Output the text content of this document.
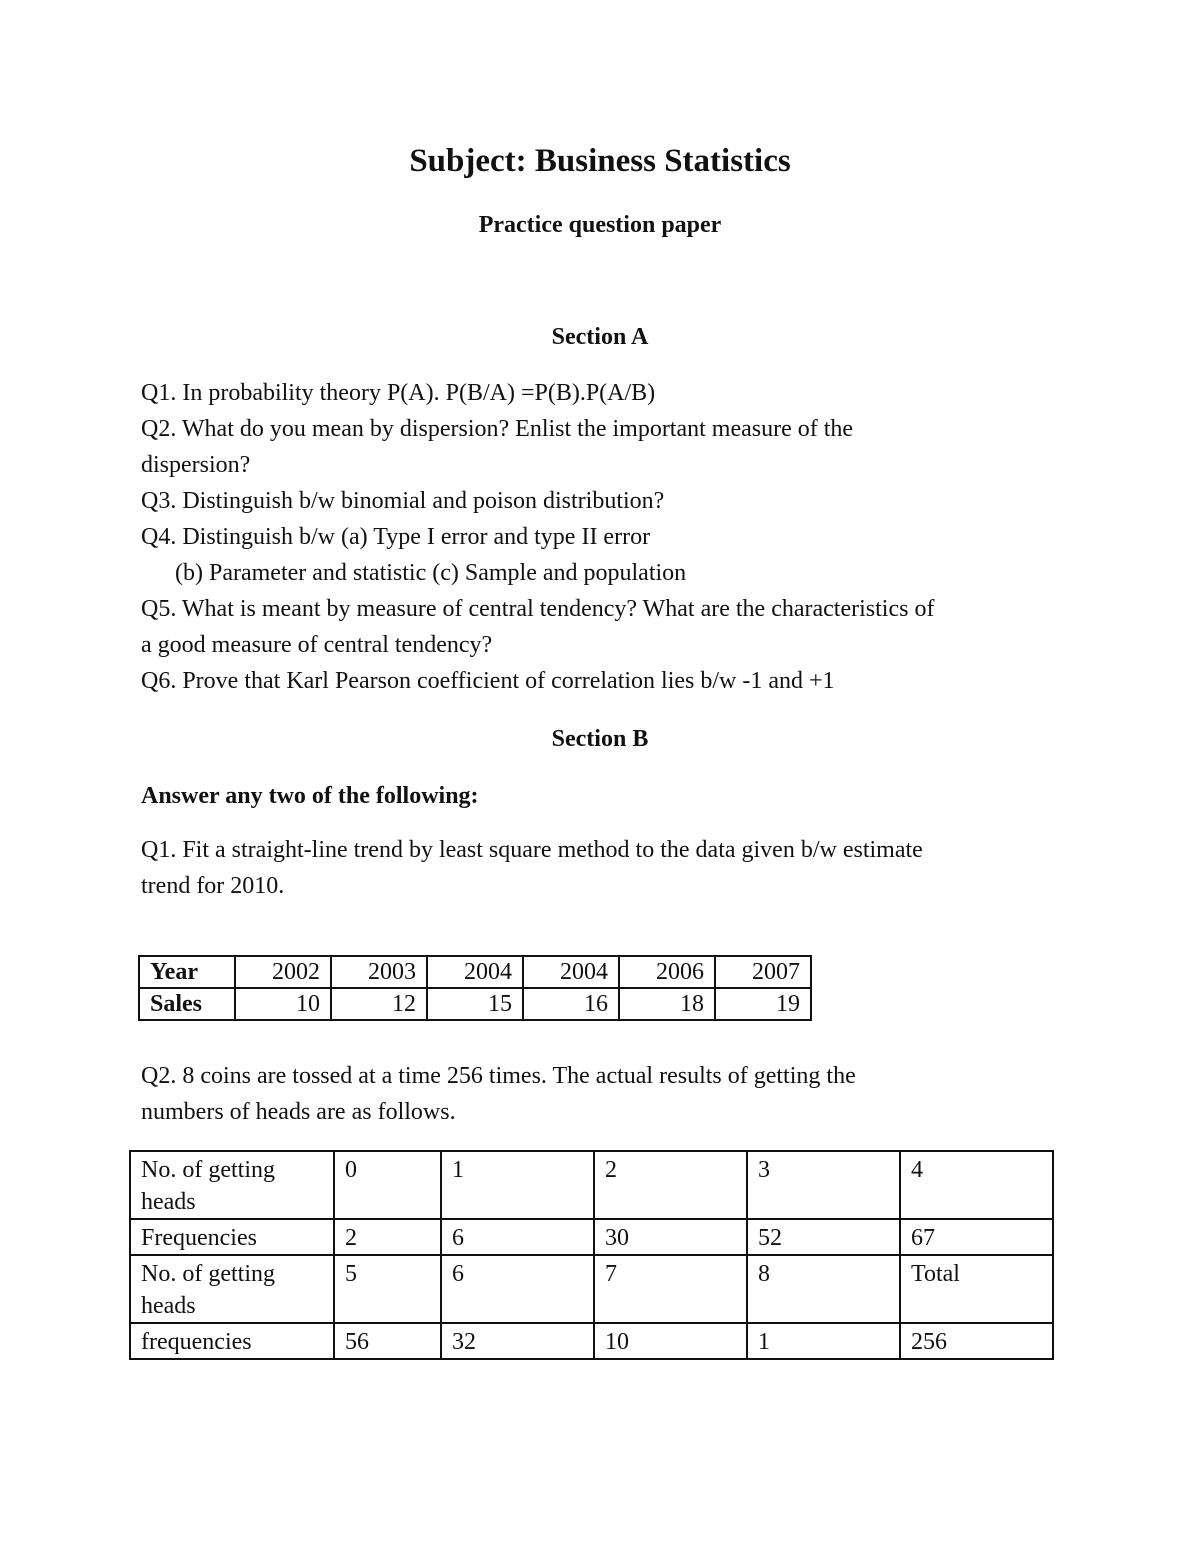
Subject: Business Statistics
Practice question paper
Section A
Q1. In probability theory P(A). P(B/A) =P(B).P(A/B)
Q2. What do you mean by dispersion? Enlist the important measure of the
dispersion?
Q3. Distinguish b/w binomial and poison distribution?
Q4. Distinguish b/w (a) Type I error and type II error
(b) Parameter and statistic (c) Sample and population
Q5. What is meant by measure of central tendency? What are the characteristics of
a good measure of central tendency?
Q6. Prove that Karl Pearson coefficient of correlation lies b/w -1 and +1
Section B
Answer any two of the following:
Q1. Fit a straight-line trend by least square method to the data given b/w estimate
trend for 2010.
Year	2002	2003	2004	2004	2006	2007
Sales	10	12	15	16	18	19
Q2. 8 coins are tossed at a time 256 times. The actual results of getting the
numbers of heads are as follows.
No. of getting heads	0	1	2	3	4
Frequencies	2	6	30	52	67
No. of getting heads	5	6	7	8	Total
frequencies	56	32	10	1	256
